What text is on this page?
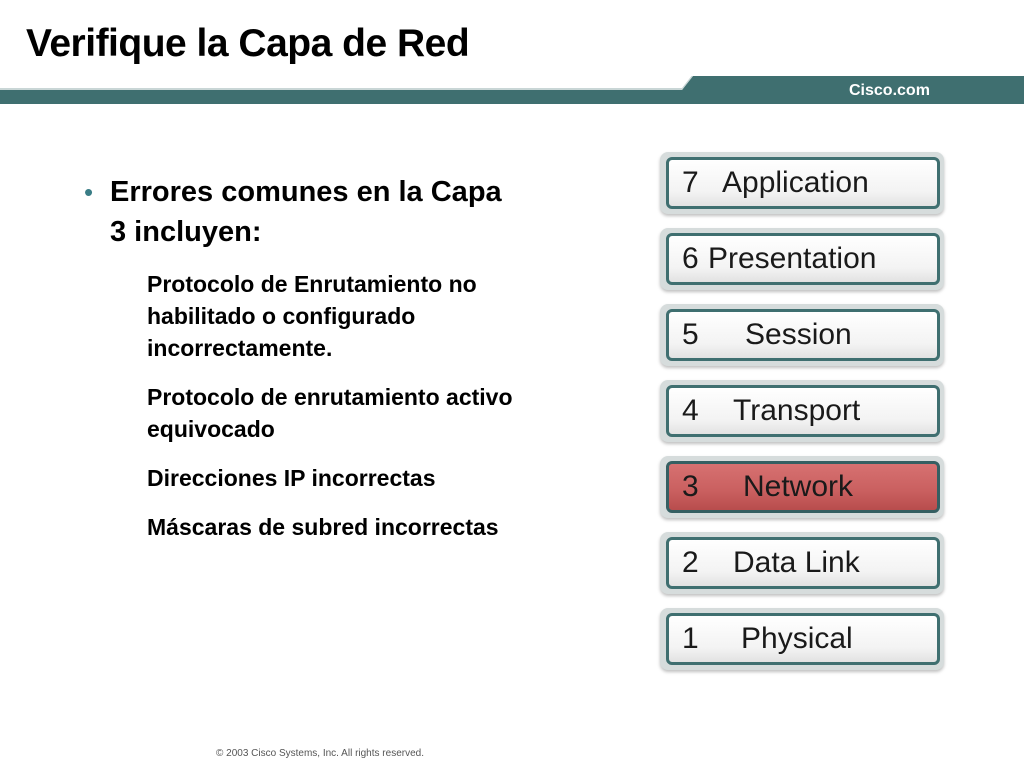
Verifique la Capa de Red
Cisco.com
• Errores comunes en la Capa 3 incluyen:
Protocolo de Enrutamiento no habilitado o configurado incorrectamente.
Protocolo de enrutamiento activo equivocado
Direcciones IP incorrectas
Máscaras de subred incorrectas
7 Application
6 Presentation
5 Session
4 Transport
3 Network
2 Data Link
1 Physical
© 2003 Cisco Systems, Inc. All rights reserved.
